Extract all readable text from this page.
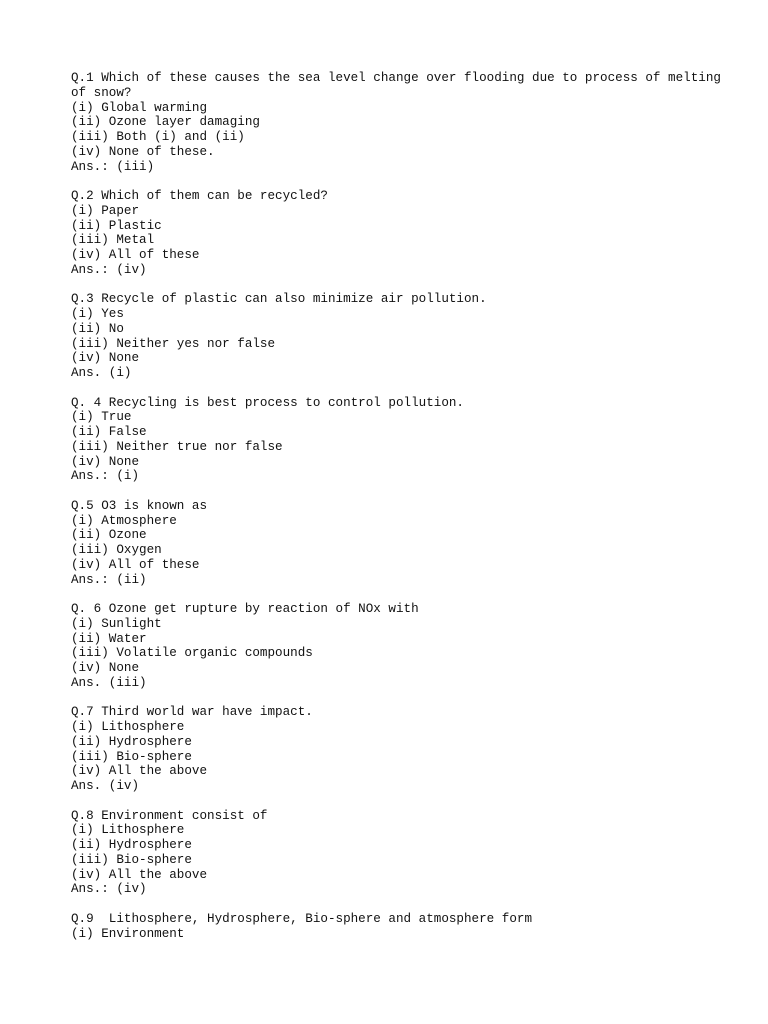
Q.1 Which of these causes the sea level change over flooding due to process of melting of snow?
(i) Global warming
(ii) Ozone layer damaging
(iii) Both (i) and (ii)
(iv) None of these.
Ans.: (iii)
Q.2 Which of them can be recycled?
(i) Paper
(ii) Plastic
(iii) Metal
(iv) All of these
Ans.: (iv)
Q.3 Recycle of plastic can also minimize air pollution.
(i) Yes
(ii) No
(iii) Neither yes nor false
(iv) None
Ans. (i)
Q. 4 Recycling is best process to control pollution.
(i) True
(ii) False
(iii) Neither true nor false
(iv) None
Ans.: (i)
Q.5 O3 is known as
(i) Atmosphere
(ii) Ozone
(iii) Oxygen
(iv) All of these
Ans.: (ii)
Q. 6 Ozone get rupture by reaction of NOx with
(i) Sunlight
(ii) Water
(iii) Volatile organic compounds
(iv) None
Ans. (iii)
Q.7 Third world war have impact.
(i) Lithosphere
(ii) Hydrosphere
(iii) Bio-sphere
(iv) All the above
Ans. (iv)
Q.8 Environment consist of
(i) Lithosphere
(ii) Hydrosphere
(iii) Bio-sphere
(iv) All the above
Ans.: (iv)
Q.9  Lithosphere, Hydrosphere, Bio-sphere and atmosphere form
(i) Environment
